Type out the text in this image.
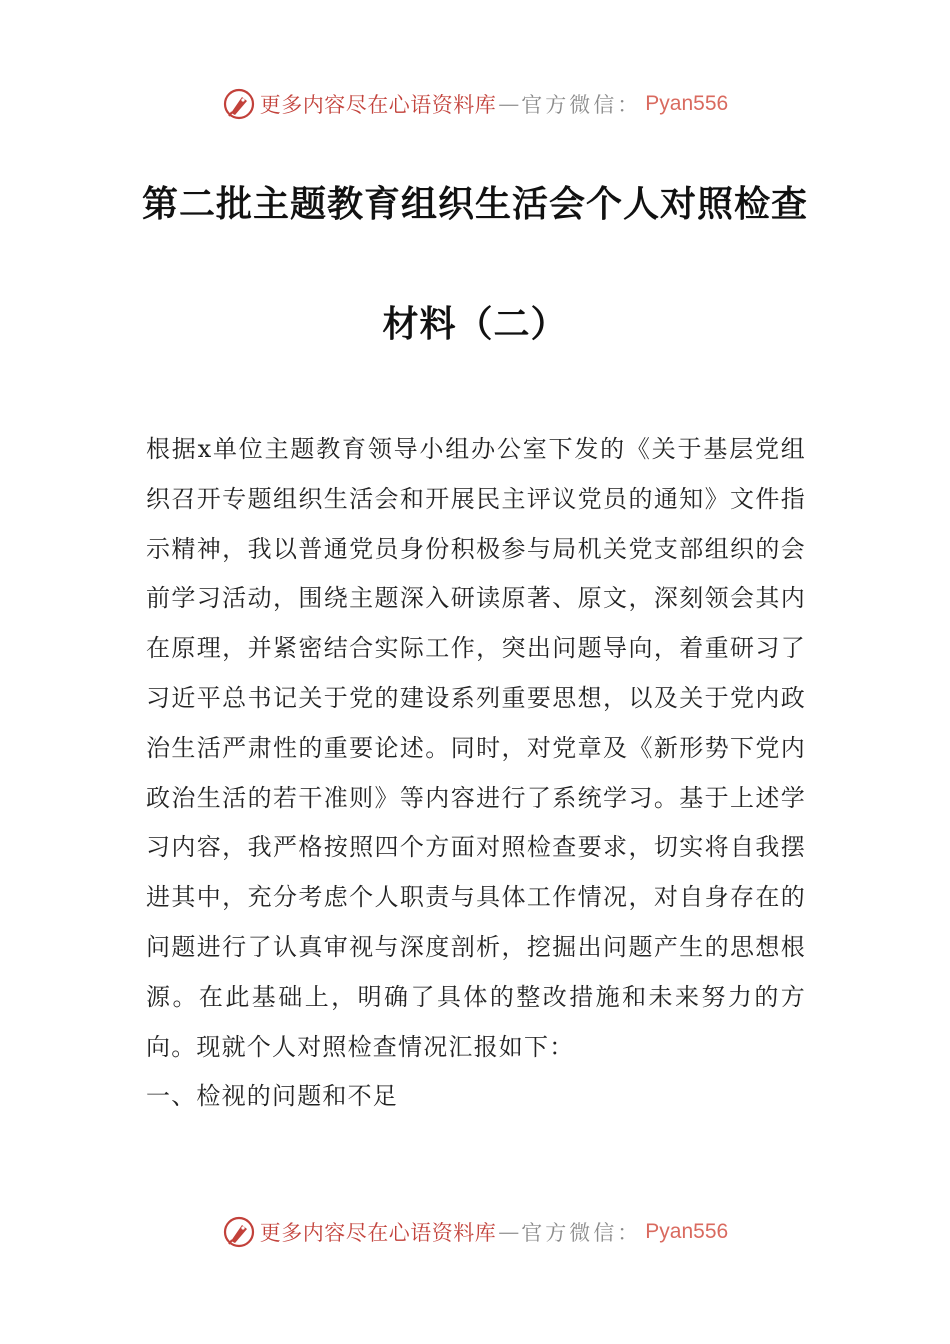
更多内容尽在心语资料库 — 官方微信： Pyan556
第二批主题教育组织生活会个人对照检查
材料（二）

根据x单位主题教育领导小组办公室下发的《关于基层党组织召开专题组织生活会和开展民主评议党员的通知》文件指示精神，我以普通党员身份积极参与局机关党支部组织的会前学习活动，围绕主题深入研读原著、原文，深刻领会其内在原理，并紧密结合实际工作，突出问题导向，着重研习了习近平总书记关于党的建设系列重要思想，以及关于党内政治生活严肃性的重要论述。同时，对党章及《新形势下党内政治生活的若干准则》等内容进行了系统学习。基于上述学习内容，我严格按照四个方面对照检查要求，切实将自我摆进其中，充分考虑个人职责与具体工作情况，对自身存在的问题进行了认真审视与深度剖析，挖掘出问题产生的思想根源。在此基础上，明确了具体的整改措施和未来努力的方向。现就个人对照检查情况汇报如下：

一、检视的问题和不足

更多内容尽在心语资料库 — 官方微信： Pyan556
